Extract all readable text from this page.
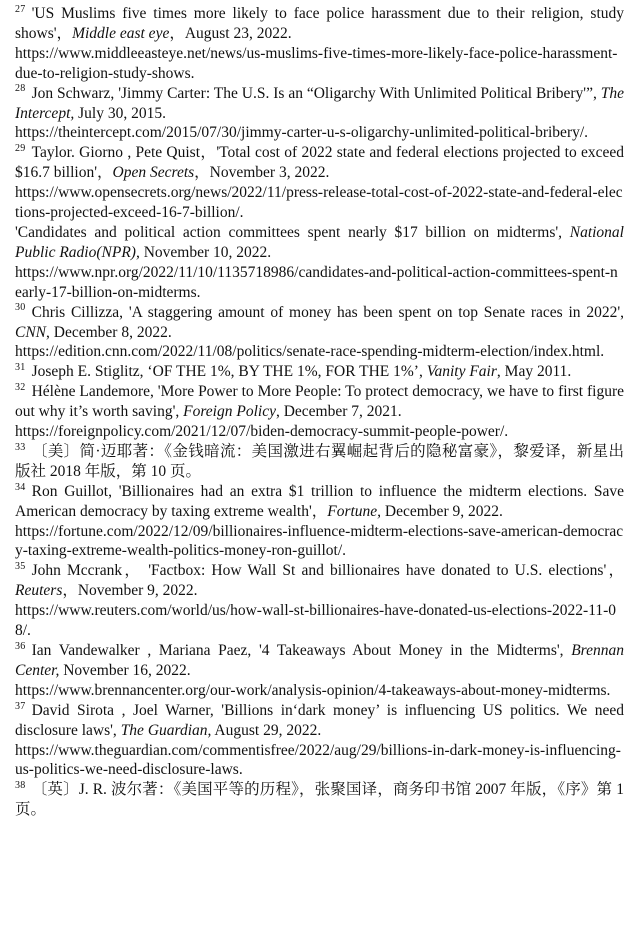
$^{27}$ 'US Muslims five times more likely to face police harassment due to their religion, study shows'，Middle east eye，August 23, 2022.
https://www.middleeasteye.net/news/us-muslims-five-times-more-likely-face-police-harassment-due-to-religion-study-shows.
$^{28}$ Jon Schwarz, 'Jimmy Carter: The U.S. Is an “Oligarchy With Unlimited Political Bribery'”, The Intercept, July 30, 2015.
https://theintercept.com/2015/07/30/jimmy-carter-u-s-oligarchy-unlimited-political-bribery/.
$^{29}$ Taylor. Giorno , Pete Quist，'Total cost of 2022 state and federal elections projected to exceed $16.7 billion'，Open Secrets，November 3, 2022.
https://www.opensecrets.org/news/2022/11/press-release-total-cost-of-2022-state-and-federal-elections-projected-exceed-16-7-billion/.
'Candidates and political action committees spent nearly $17 billion on midterms', National Public Radio(NPR), November 10, 2022.
https://www.npr.org/2022/11/10/1135718986/candidates-and-political-action-committees-spent-nearly-17-billion-on-midterms.
$^{30}$ Chris Cillizza, 'A staggering amount of money has been spent on top Senate races in 2022', CNN, December 8, 2022.
https://edition.cnn.com/2022/11/08/politics/senate-race-spending-midterm-election/index.html.
$^{31}$ Joseph E. Stiglitz, ‘OF THE 1%, BY THE 1%, FOR THE 1%’, Vanity Fair, May 2011.
$^{32}$ Hélène Landemore, 'More Power to More People: To protect democracy, we have to first figure out why it’s worth saving', Foreign Policy, December 7, 2021.
https://foreignpolicy.com/2021/12/07/biden-democracy-summit-people-power/.
$^{33}$ 〔美〕简·迈耶著：《金钱暗流：美国激进右翼崛起背后的隐秘富豪》，黎爱译，新星出版社 2018 年版，第 10 页。
$^{34}$ Ron Guillot, 'Billionaires had an extra $1 trillion to influence the midterm elections. Save American democracy by taxing extreme wealth'，Fortune, December 9, 2022.
https://fortune.com/2022/12/09/billionaires-influence-midterm-elections-save-american-democracy-taxing-extreme-wealth-politics-money-ron-guillot/.
$^{35}$ John Mccrank， 'Factbox: How Wall St and billionaires have donated to U.S. elections'，Reuters，November 9, 2022.
https://www.reuters.com/world/us/how-wall-st-billionaires-have-donated-us-elections-2022-11-08/.
$^{36}$ Ian Vandewalker , Mariana Paez, '4 Takeaways About Money in the Midterms', Brennan Center, November 16, 2022.
https://www.brennancenter.org/our-work/analysis-opinion/4-takeaways-about-money-midterms.
$^{37}$ David Sirota , Joel Warner, 'Billions in‘dark money’ is influencing US politics. We need disclosure laws', The Guardian, August 29, 2022.
https://www.theguardian.com/commentisfree/2022/aug/29/billions-in-dark-money-is-influencing-us-politics-we-need-disclosure-laws.
$^{38}$ 〔英〕J. R. 波尔著：《美国平等的历程》，张聚国译，商务印书馆 2007 年版，《序》第 1 页。
